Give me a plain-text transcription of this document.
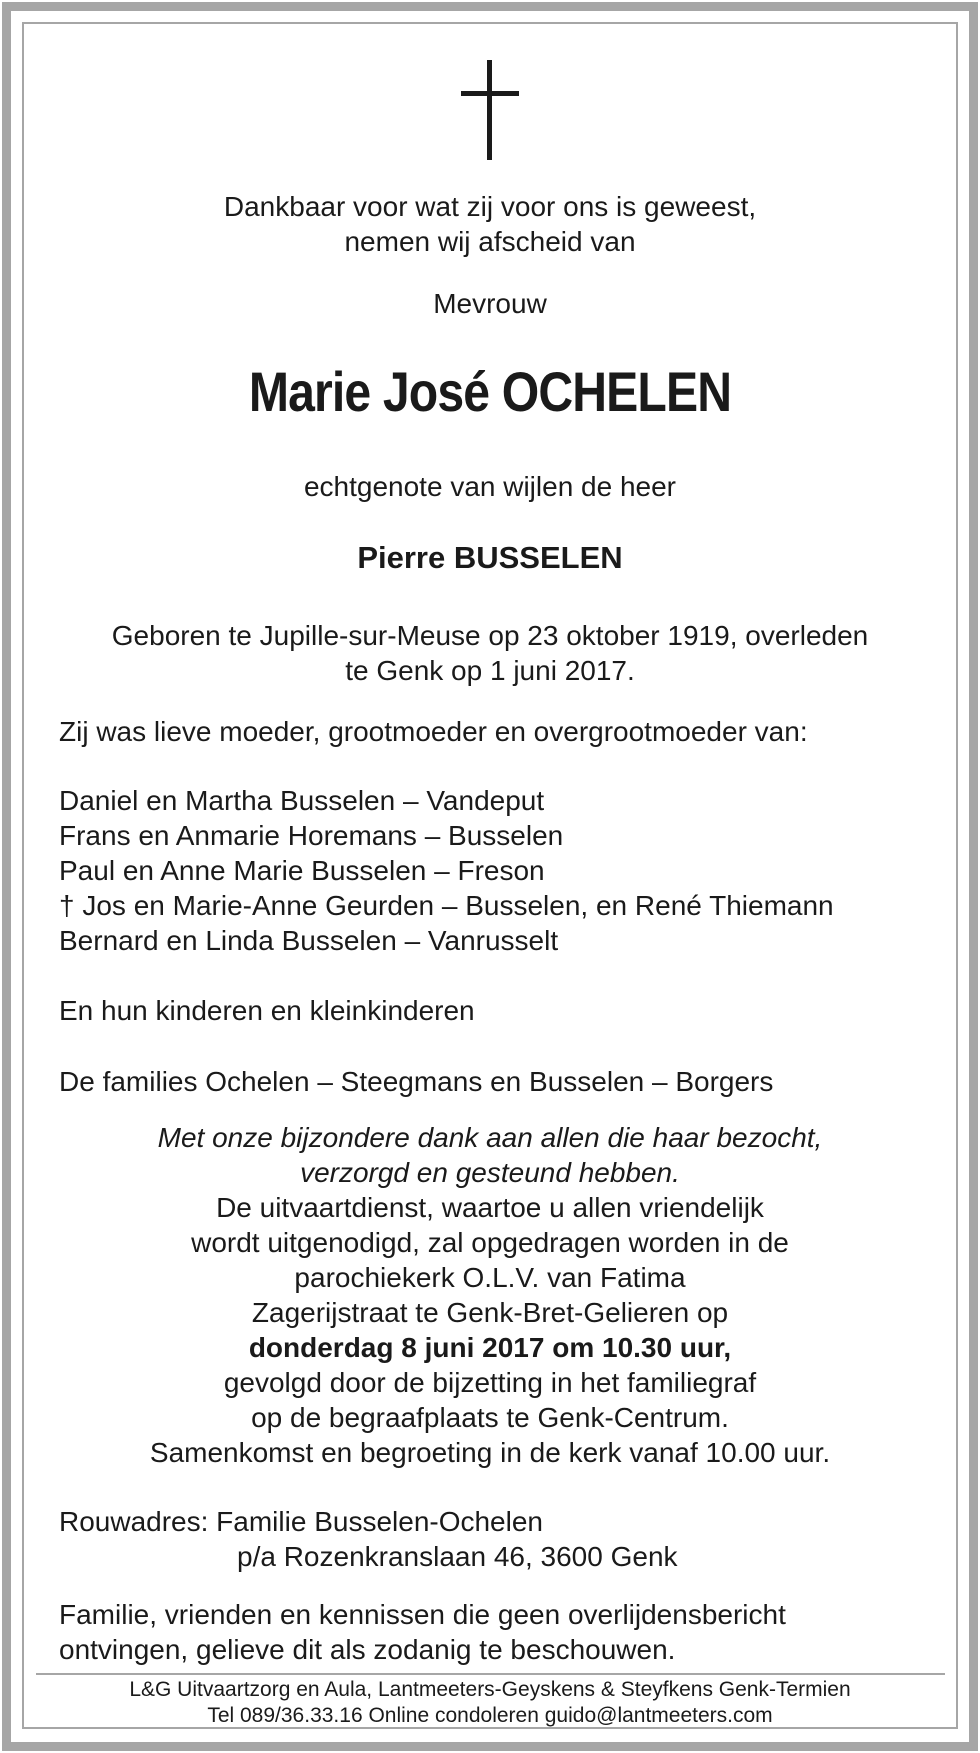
Dankbaar voor wat zij voor ons is geweest,

nemen wij afscheid van

Mevrouw

Marie José OCHELEN

echtgenote van wijlen de heer

Pierre BUSSELEN

Geboren te Jupille-sur-Meuse op 23 oktober 1919, overleden

te Genk op 1 juni 2017.

Zij was lieve moeder, grootmoeder en overgrootmoeder van:

Daniel en Martha Busselen – Vandeput

Frans en Anmarie Horemans – Busselen

Paul en Anne Marie Busselen – Freson

† Jos en Marie-Anne Geurden – Busselen, en René Thiemann

Bernard en Linda Busselen – Vanrusselt

En hun kinderen en kleinkinderen

De families Ochelen – Steegmans en Busselen – Borgers

Met onze bijzondere dank aan allen die haar bezocht,

verzorgd en gesteund hebben.

De uitvaartdienst, waartoe u allen vriendelijk

wordt uitgenodigd, zal opgedragen worden in de

parochiekerk O.L.V. van Fatima

Zagerijstraat te Genk-Bret-Gelieren op

donderdag 8 juni 2017 om 10.30 uur,

gevolgd door de bijzetting in het familiegraf

op de begraafplaats te Genk-Centrum.

Samenkomst en begroeting in de kerk vanaf 10.00 uur.

Rouwadres: Familie Busselen-Ochelen

p/a Rozenkranslaan 46, 3600 Genk

Familie, vrienden en kennissen die geen overlijdensbericht

ontvingen, gelieve dit als zodanig te beschouwen.

L&G Uitvaartzorg en Aula, Lantmeeters-Geyskens & Steyfkens Genk-Termien
Tel 089/36.33.16 Online condoleren guido@lantmeeters.com
